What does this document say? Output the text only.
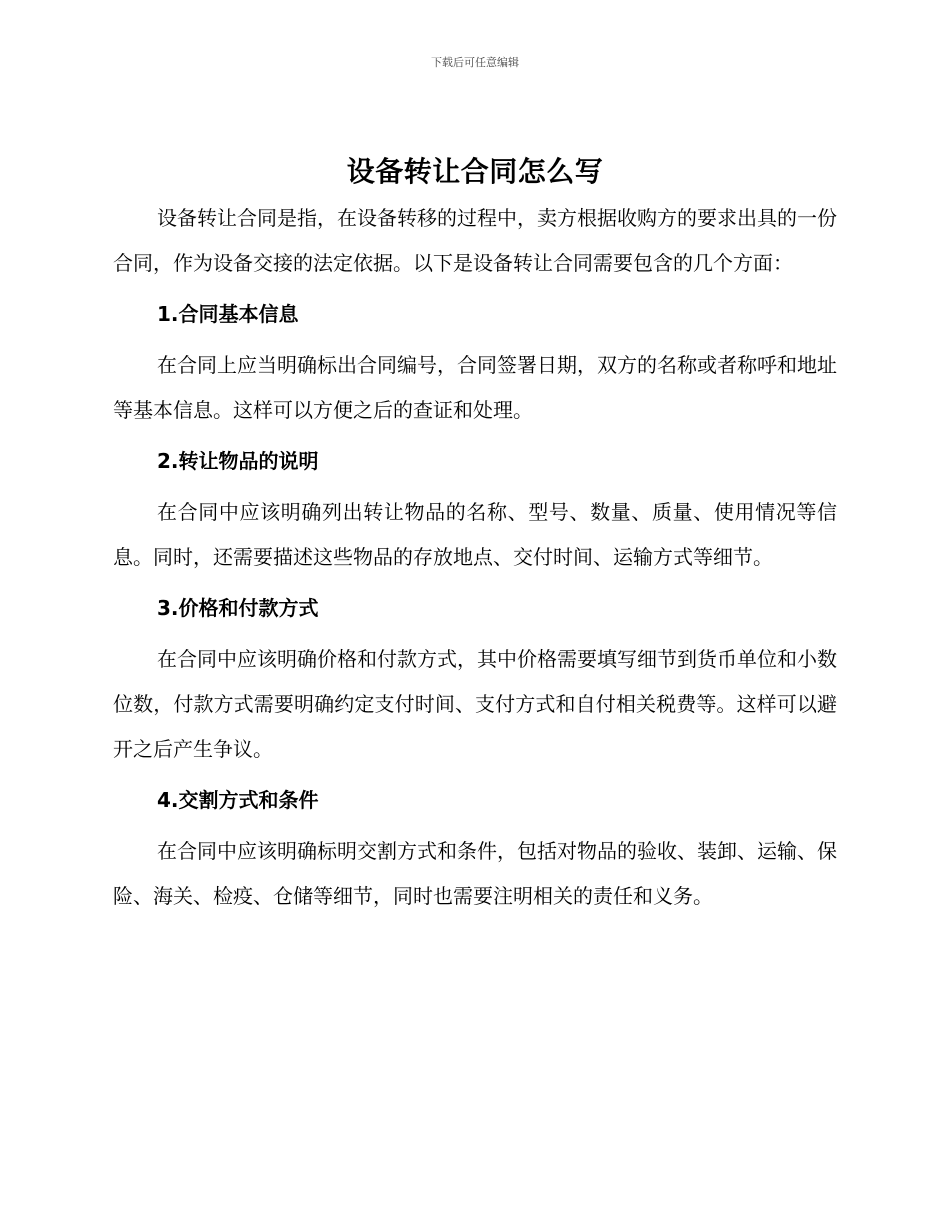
下载后可任意编辑
设备转让合同怎么写

设备转让合同是指，在设备转移的过程中，卖方根据收购方的要求出具的一份合同，作为设备交接的法定依据。以下是设备转让合同需要包含的几个方面：

1.合同基本信息

在合同上应当明确标出合同编号，合同签署日期，双方的名称或者称呼和地址等基本信息。这样可以方便之后的查证和处理。

2.转让物品的说明

在合同中应该明确列出转让物品的名称、型号、数量、质量、使用情况等信息。同时，还需要描述这些物品的存放地点、交付时间、运输方式等细节。

3.价格和付款方式

在合同中应该明确价格和付款方式，其中价格需要填写细节到货币单位和小数位数，付款方式需要明确约定支付时间、支付方式和自付相关税费等。这样可以避开之后产生争议。

4.交割方式和条件

在合同中应该明确标明交割方式和条件，包括对物品的验收、装卸、运输、保险、海关、检疫、仓储等细节，同时也需要注明相关的责任和义务。
